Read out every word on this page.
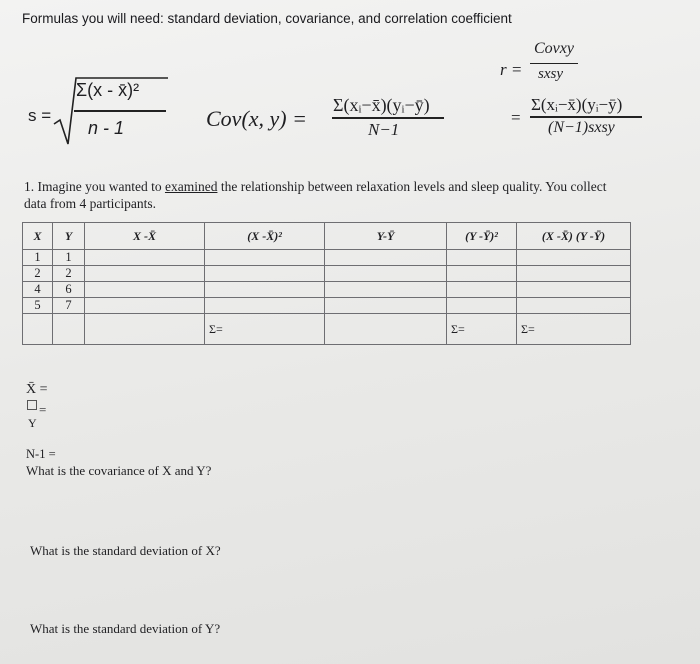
Formulas you will need: standard deviation, covariance, and correlation coefficient
s =
Σ(x - x̄)²
n - 1	Cov(x, y) =
Σ(xᵢ−x̄)(yᵢ−ȳ)
N−1
r =
Covxy
sxsy
=
Σ(xᵢ−x̄)(yᵢ−ȳ)
(N−1)sxsy
1. Imagine you wanted to examined the relationship between relaxation levels and sleep quality. You collect data from 4 participants.
X	Y	X -X̄	(X -X̄)²	Y-Ȳ	(Y -Ȳ)²	(X -X̄) (Y -Ȳ)
1	1					
2	2					
4	6					
5	7					
			Σ=		Σ=	Σ=
X̄ =
=
Y
N-1 =
What is the covariance of X and Y?
What is the standard deviation of X?
What is the standard deviation of Y?
